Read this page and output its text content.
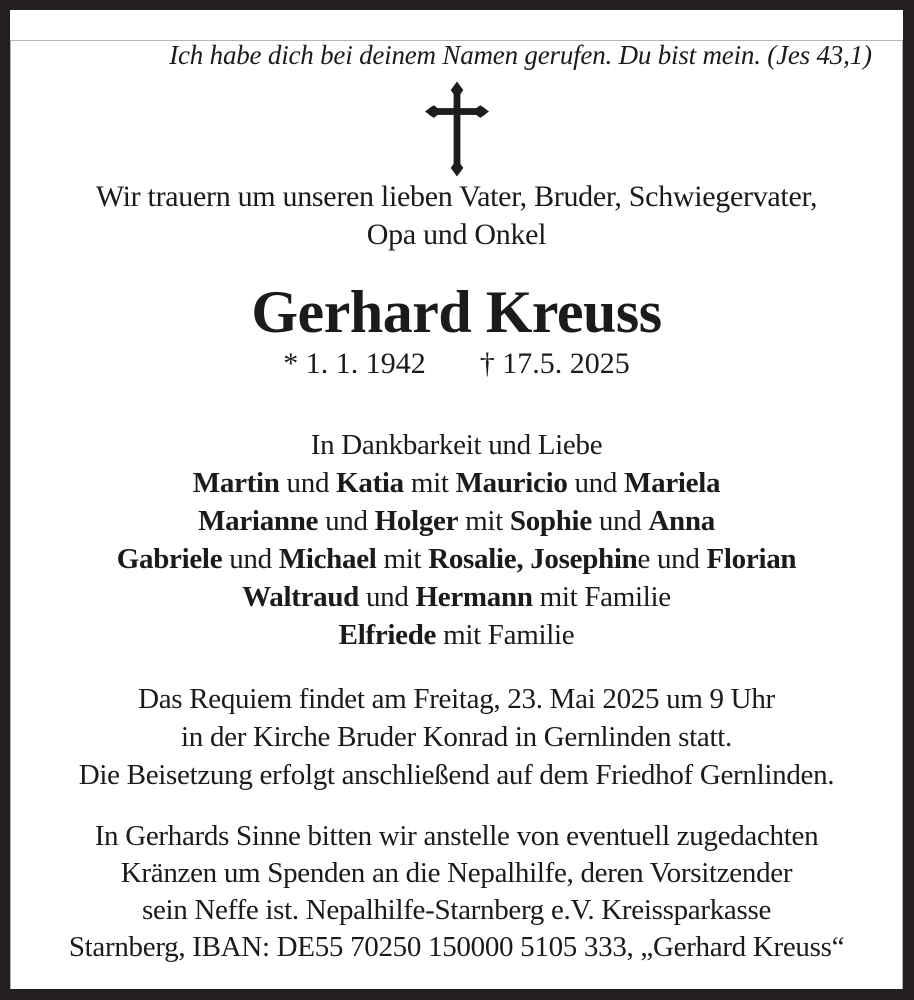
Ich habe dich bei deinem Namen gerufen. Du bist mein. (Jes 43,1)
Wir trauern um unseren lieben Vater, Bruder, Schwiegervater,
Opa und Onkel
Gerhard Kreuss
* 1. 1. 1942 † 17.5. 2025
In Dankbarkeit und Liebe
Martin und Katia mit Mauricio und Mariela
Marianne und Holger mit Sophie und Anna
Gabriele und Michael mit Rosalie, Josephine und Florian
Waltraud und Hermann mit Familie
Elfriede mit Familie
Das Requiem findet am Freitag, 23. Mai 2025 um 9 Uhr
in der Kirche Bruder Konrad in Gernlinden statt.
Die Beisetzung erfolgt anschließend auf dem Friedhof Gernlinden.
In Gerhards Sinne bitten wir anstelle von eventuell zugedachten
Kränzen um Spenden an die Nepalhilfe, deren Vorsitzender
sein Neffe ist. Nepalhilfe-Starnberg e.V. Kreissparkasse
Starnberg, IBAN: DE55 70250 150000 5105 333, „Gerhard Kreuss“
